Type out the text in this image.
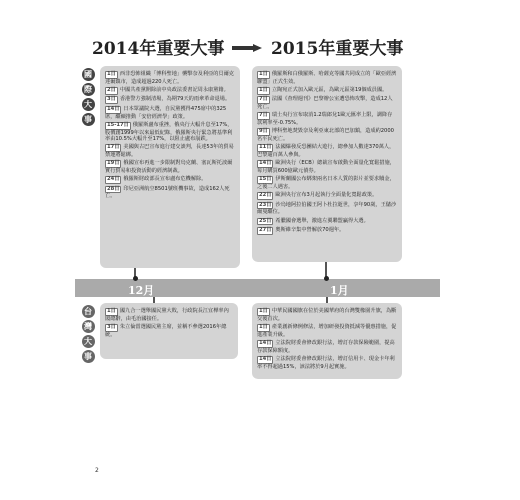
2014年重要大事	2015年重要大事
國
際
大
事
台
灣
大
事
1日 西非恐怖組織「博科聖地」襲擊奈及利亞的貝爾克達爾鎮市，造成超過220人死亡。
2日 中國共產黨開除前中央政法委書記周永康黨籍。
3日 香港警方強制清場，為期79天的雨傘革命退場。
14日 日本眾議院大選，自民黨獲得475席中的325席，繼續推動「安倍經濟學」政策。
15-17日 俄羅斯盧布重挫，俄央行大幅升息至17%，股價創1999年以來最低紀錄，俄羅斯央行緊急將基準利率由10.5%大幅升至17%，以阻止盧布崩跌。
17日 美國與古巴宣布進行建交談判，長達53年的貿易禁運將鬆綁。
19日 俄國宣布再進一步限制對烏克蘭、塞瓦斯托波爾實行貿易和投資活動的經濟制裁。
24日 俄羅斯財政部長宣布盧布危機解除。
28日 印尼亞洲航空8501號班機事故，造成162人死亡。
1日 俄羅斯和白俄羅斯、哈薩克等國共同成立的「歐亞經濟聯盟」正式生效。
1日 立陶宛正式加入歐元區，為歐元區第19個成員國。
7日 法國《查理週刊》巴黎辦公室遭恐怖攻擊，造成12人死亡。
7日 瑞士央行宣布取消1.2瑞郎兌1歐元匯率上限，調降存款利率至-0.75%。
9日 博科聖地焚毀奈及利亞東北部的巴加鎮，造成約2000名平民死亡。
11日 法國爆發反恐團結大遊行，總參加人數達370萬人，巴黎逾百萬人參與。
14日 歐洲央行（ECB）總裁宣布啟動全面量化寬鬆措施，每月購買600億歐元債券。
15日 伊斯蘭國公布綁架兩名日本人質的影片並要求贖金，之後二人遇害。
22日 歐洲央行宣布3月起執行全面量化寬鬆政策。
23日 沙烏地阿拉伯國王阿卜杜拉逝世，享年90歲，王儲沙爾曼繼位。
25日 希臘國會選舉，激進左翼聯盟贏得大選。
27日 奧斯維辛集中營解放70週年。
1日 國九合一選舉國民黨大敗，行政院長江宜樺率內閣總辭，由毛治國接任。
3日 朱立倫當選國民黨主席，並稱不參選2016年總統。
1日 中華民國國旗在位於美國華府的台灣雙橡園升旗，為斷交後首次。
1日 產業創新條例修法，增加研發投資抵減等優惠措施，促進產業升級。
14日 立法院財委會修改銀行法，增訂存款保險範圍，提高存款保障額度。
14日 立法院財委會修改銀行法，增訂信用卡、現金卡年利率不得超過15%，該法將於9月起實施。
12月	1月
2
